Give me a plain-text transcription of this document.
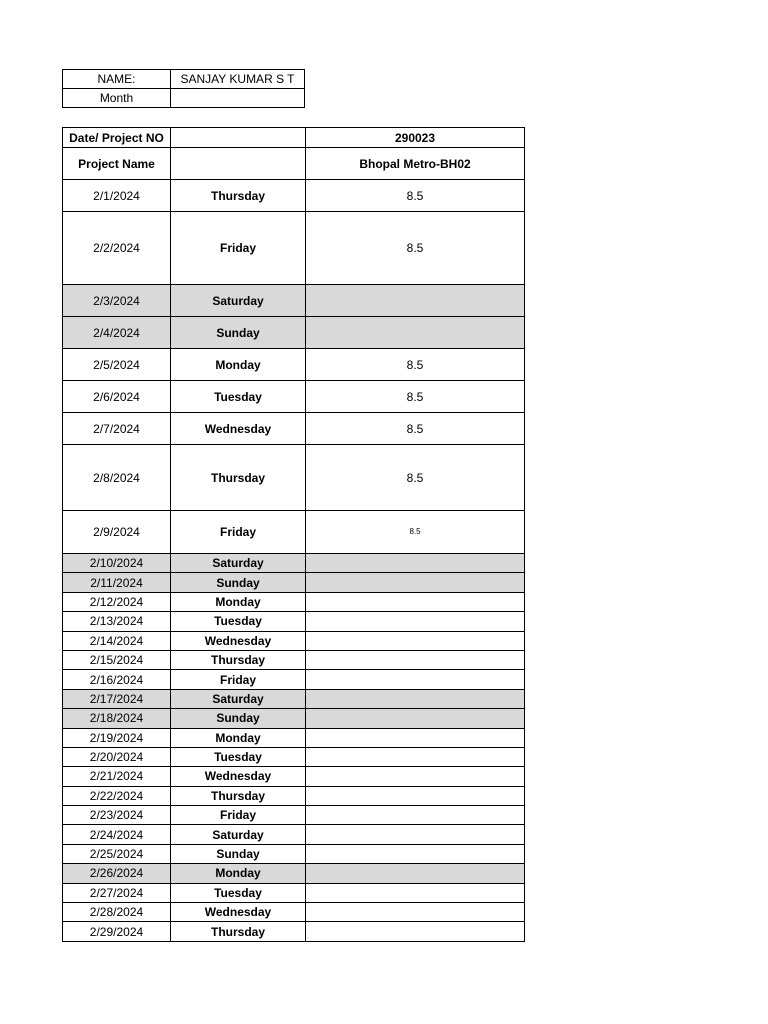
NAME:	SANJAY KUMAR S T
Month	
Date/ Project NO		290023
Project Name		Bhopal Metro-BH02
2/1/2024	Thursday	8.5
2/2/2024	Friday	8.5
2/3/2024	Saturday	
2/4/2024	Sunday	
2/5/2024	Monday	8.5
2/6/2024	Tuesday	8.5
2/7/2024	Wednesday	8.5
2/8/2024	Thursday	8.5
2/9/2024	Friday	8.5
2/10/2024	Saturday	
2/11/2024	Sunday	
2/12/2024	Monday	
2/13/2024	Tuesday	
2/14/2024	Wednesday	
2/15/2024	Thursday	
2/16/2024	Friday	
2/17/2024	Saturday	
2/18/2024	Sunday	
2/19/2024	Monday	
2/20/2024	Tuesday	
2/21/2024	Wednesday	
2/22/2024	Thursday	
2/23/2024	Friday	
2/24/2024	Saturday	
2/25/2024	Sunday	
2/26/2024	Monday	
2/27/2024	Tuesday	
2/28/2024	Wednesday	
2/29/2024	Thursday	
